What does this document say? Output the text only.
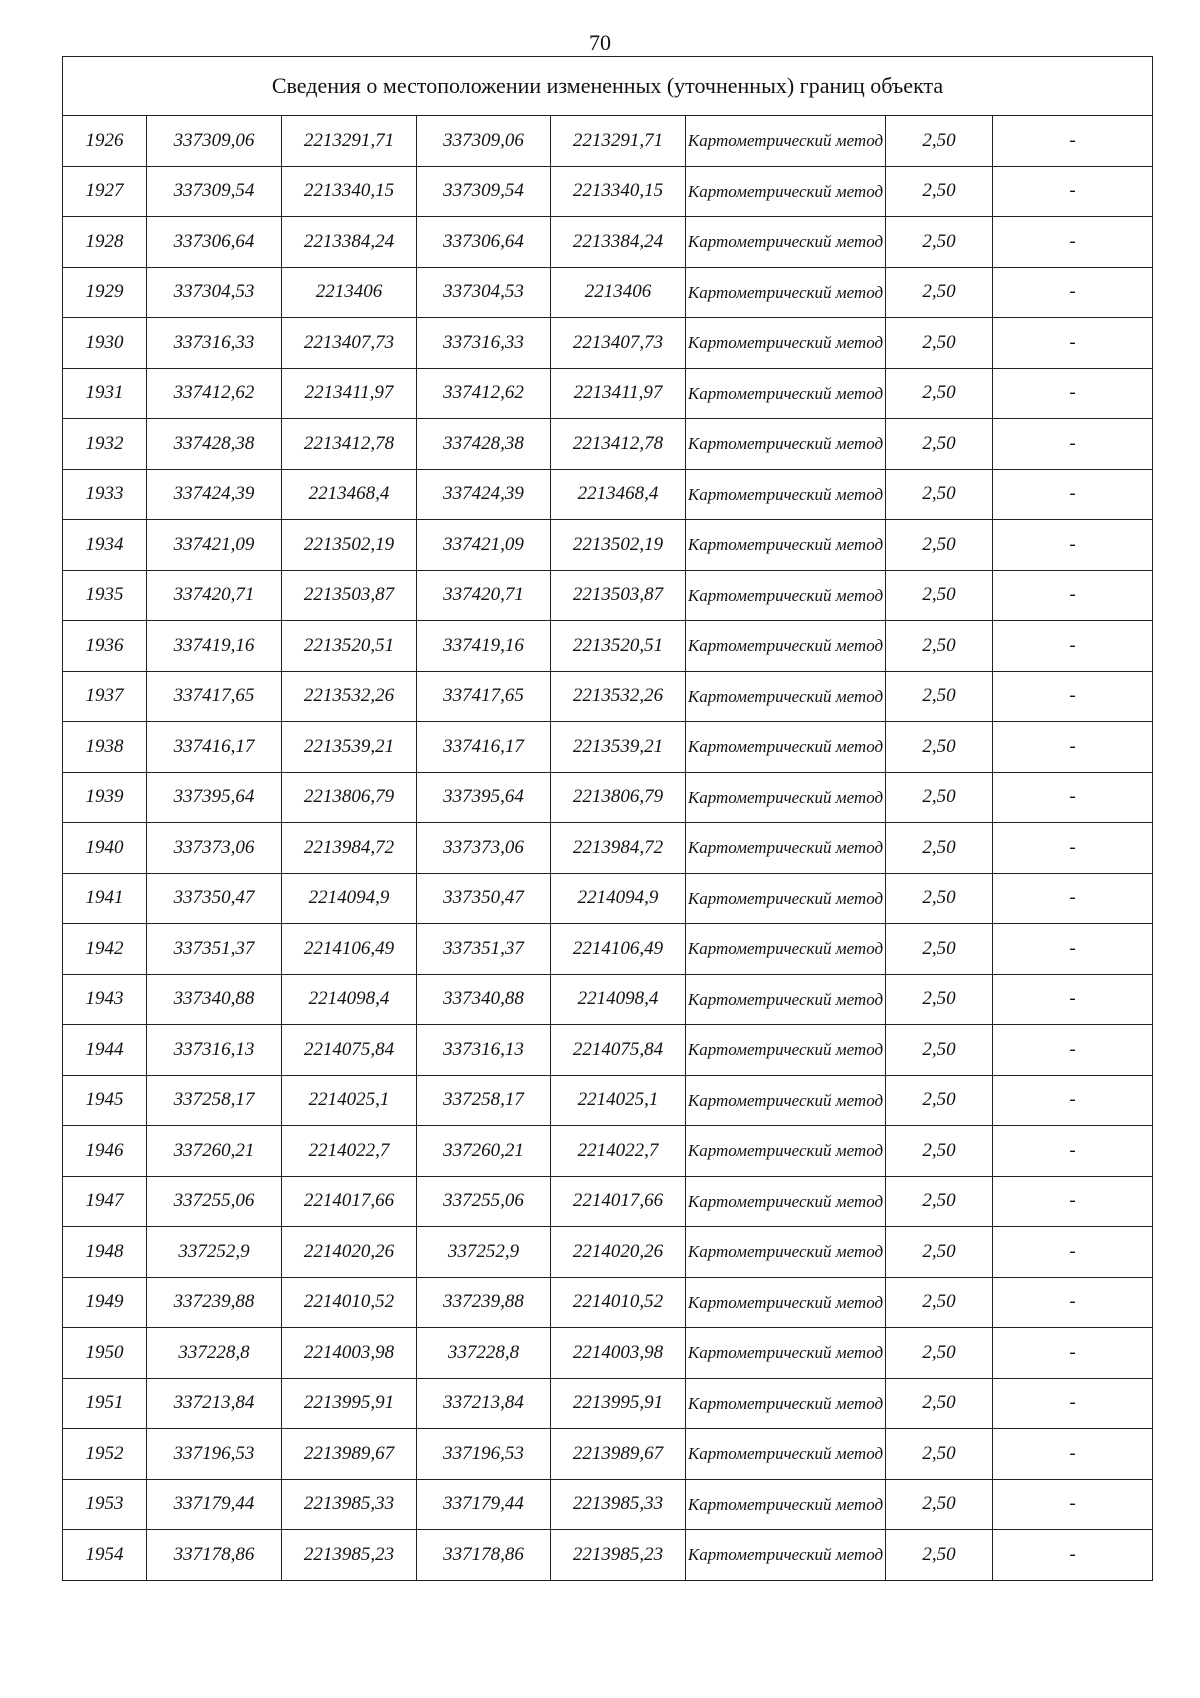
70
Сведения о местоположении измененных (уточненных) границ объекта							
1926	337309,06	2213291,71	337309,06	2213291,71	Картометрический метод	2,50	-
1927	337309,54	2213340,15	337309,54	2213340,15	Картометрический метод	2,50	-
1928	337306,64	2213384,24	337306,64	2213384,24	Картометрический метод	2,50	-
1929	337304,53	2213406	337304,53	2213406	Картометрический метод	2,50	-
1930	337316,33	2213407,73	337316,33	2213407,73	Картометрический метод	2,50	-
1931	337412,62	2213411,97	337412,62	2213411,97	Картометрический метод	2,50	-
1932	337428,38	2213412,78	337428,38	2213412,78	Картометрический метод	2,50	-
1933	337424,39	2213468,4	337424,39	2213468,4	Картометрический метод	2,50	-
1934	337421,09	2213502,19	337421,09	2213502,19	Картометрический метод	2,50	-
1935	337420,71	2213503,87	337420,71	2213503,87	Картометрический метод	2,50	-
1936	337419,16	2213520,51	337419,16	2213520,51	Картометрический метод	2,50	-
1937	337417,65	2213532,26	337417,65	2213532,26	Картометрический метод	2,50	-
1938	337416,17	2213539,21	337416,17	2213539,21	Картометрический метод	2,50	-
1939	337395,64	2213806,79	337395,64	2213806,79	Картометрический метод	2,50	-
1940	337373,06	2213984,72	337373,06	2213984,72	Картометрический метод	2,50	-
1941	337350,47	2214094,9	337350,47	2214094,9	Картометрический метод	2,50	-
1942	337351,37	2214106,49	337351,37	2214106,49	Картометрический метод	2,50	-
1943	337340,88	2214098,4	337340,88	2214098,4	Картометрический метод	2,50	-
1944	337316,13	2214075,84	337316,13	2214075,84	Картометрический метод	2,50	-
1945	337258,17	2214025,1	337258,17	2214025,1	Картометрический метод	2,50	-
1946	337260,21	2214022,7	337260,21	2214022,7	Картометрический метод	2,50	-
1947	337255,06	2214017,66	337255,06	2214017,66	Картометрический метод	2,50	-
1948	337252,9	2214020,26	337252,9	2214020,26	Картометрический метод	2,50	-
1949	337239,88	2214010,52	337239,88	2214010,52	Картометрический метод	2,50	-
1950	337228,8	2214003,98	337228,8	2214003,98	Картометрический метод	2,50	-
1951	337213,84	2213995,91	337213,84	2213995,91	Картометрический метод	2,50	-
1952	337196,53	2213989,67	337196,53	2213989,67	Картометрический метод	2,50	-
1953	337179,44	2213985,33	337179,44	2213985,33	Картометрический метод	2,50	-
1954	337178,86	2213985,23	337178,86	2213985,23	Картометрический метод	2,50	-
